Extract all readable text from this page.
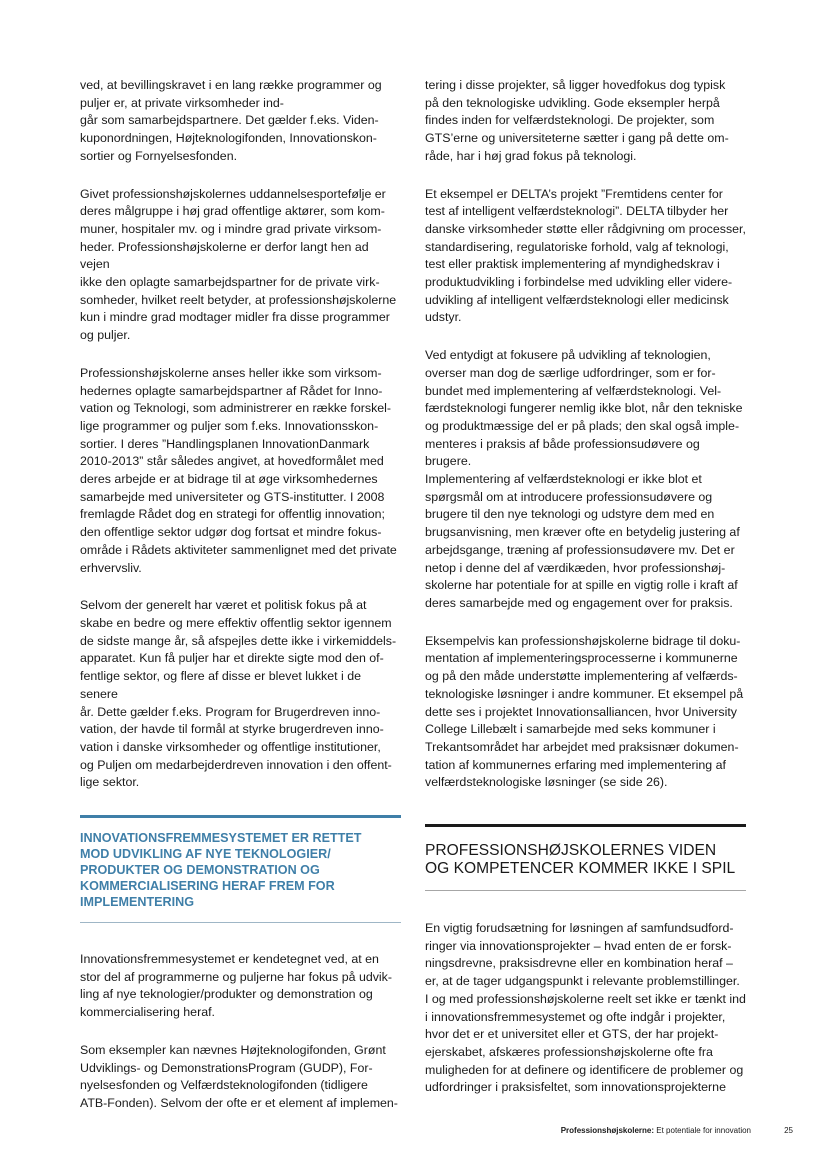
ved, at bevillingskravet i en lang række programmer og
puljer er, at private virksomheder ind-
går som samarbejdspartnere. Det gælder f.eks. Viden-
kuponordningen, Højteknologifonden, Innovationskon-
sortier og Fornyelsesfonden.

Givet professionshøjskolernes uddannelsesportefølje er
deres målgruppe i høj grad offentlige aktører, som kom-
muner, hospitaler mv. og i mindre grad private virksom-
heder. Professionshøjskolerne er derfor langt hen ad vejen
ikke den oplagte samarbejdspartner for de private virk-
somheder, hvilket reelt betyder, at professionshøjskolerne
kun i mindre grad modtager midler fra disse programmer
og puljer.

Professionshøjskolerne anses heller ikke som virksom-
hedernes oplagte samarbejdspartner af Rådet for Inno-
vation og Teknologi, som administrerer en række forskel-
lige programmer og puljer som f.eks. Innovationsskon-
sortier. I deres ”Handlingsplanen InnovationDanmark
2010-2013” står således angivet, at hovedformålet med
deres arbejde er at bidrage til at øge virksomhedernes
samarbejde med universiteter og GTS-institutter. I 2008
fremlagde Rådet dog en strategi for offentlig innovation;
den offentlige sektor udgør dog fortsat et mindre fokus-
område i Rådets aktiviteter sammenlignet med det private
erhvervsliv.

Selvom der generelt har været et politisk fokus på at
skabe en bedre og mere effektiv offentlig sektor igennem
de sidste mange år, så afspejles dette ikke i virkemiddels-
apparatet. Kun få puljer har et direkte sigte mod den of-
fentlige sektor, og flere af disse er blevet lukket i de senere
år. Dette gælder f.eks. Program for Brugerdreven inno-
vation, der havde til formål at styrke brugerdreven inno-
vation i danske virksomheder og offentlige institutioner,
og Puljen om medarbejderdreven innovation i den offent-
lige sektor.

INNOVATIONSFREMMESYSTEMET ER RETTET
MOD UDVIKLING AF NYE TEKNOLOGIER/
PRODUKTER OG DEMONSTRATION OG
KOMMERCIALISERING HERAF FREM FOR
IMPLEMENTERING

Innovationsfremmesystemet er kendetegnet ved, at en
stor del af programmerne og puljerne har fokus på udvik-
ling af nye teknologier/produkter og demonstration og
kommercialisering heraf.

Som eksempler kan nævnes Højteknologifonden, Grønt
Udviklings- og DemonstrationsProgram (GUDP), For-
nyelsesfonden og Velfærdsteknologifonden (tidligere
ATB-Fonden). Selvom der ofte er et element af implemen-

tering i disse projekter, så ligger hovedfokus dog typisk
på den teknologiske udvikling. Gode eksempler herpå
findes inden for velfærdsteknologi. De projekter, som
GTS’erne og universiteterne sætter i gang på dette om-
råde, har i høj grad fokus på teknologi.

Et eksempel er DELTA’s projekt ”Fremtidens center for
test af intelligent velfærdsteknologi”. DELTA tilbyder her
danske virksomheder støtte eller rådgivning om processer,
standardisering, regulatoriske forhold, valg af teknologi,
test eller praktisk implementering af myndighedskrav i
produktudvikling i forbindelse med udvikling eller videre-
udvikling af intelligent velfærdsteknologi eller medicinsk
udstyr.

Ved entydigt at fokusere på udvikling af teknologien,
overser man dog de særlige udfordringer, som er for-
bundet med implementering af velfærdsteknologi. Vel-
færdsteknologi fungerer nemlig ikke blot, når den tekniske
og produktmæssige del er på plads; den skal også imple-
menteres i praksis af både professionsudøvere og brugere.
Implementering af velfærdsteknologi er ikke blot et
spørgsmål om at introducere professionsudøvere og
brugere til den nye teknologi og udstyre dem med en
brugsanvisning, men kræver ofte en betydelig justering af
arbejdsgange, træning af professionsudøvere mv. Det er
netop i denne del af værdikæden, hvor professionshøj-
skolerne har potentiale for at spille en vigtig rolle i kraft af
deres samarbejde med og engagement over for praksis.

Eksempelvis kan professionshøjskolerne bidrage til doku-
mentation af implementeringsprocesserne i kommunerne
og på den måde understøtte implementering af velfærds-
teknologiske løsninger i andre kommuner. Et eksempel på
dette ses i projektet Innovationsalliancen, hvor University
College Lillebælt i samarbejde med seks kommuner i
Trekantsområdet har arbejdet med praksisnær dokumen-
tation af kommunernes erfaring med implementering af
velfærdsteknologiske løsninger (se side 26).

PROFESSIONSHØJSKOLERNES VIDEN
OG KOMPETENCER KOMMER IKKE I SPIL

En vigtig forudsætning for løsningen af samfundsudford-
ringer via innovationsprojekter – hvad enten de er forsk-
ningsdrevne, praksisdrevne eller en kombination heraf –
er, at de tager udgangspunkt i relevante problemstillinger.
I og med professionshøjskolerne reelt set ikke er tænkt ind
i innovationsfremmesystemet og ofte indgår i projekter,
hvor det er et universitet eller et GTS, der har projekt-
ejerskabet, afskæres professionshøjskolerne ofte fra
muligheden for at definere og identificere de problemer og
udfordringer i praksisfeltet, som innovationsprojekterne

Professionshøjskolerne: Et potentiale for innovation	25
